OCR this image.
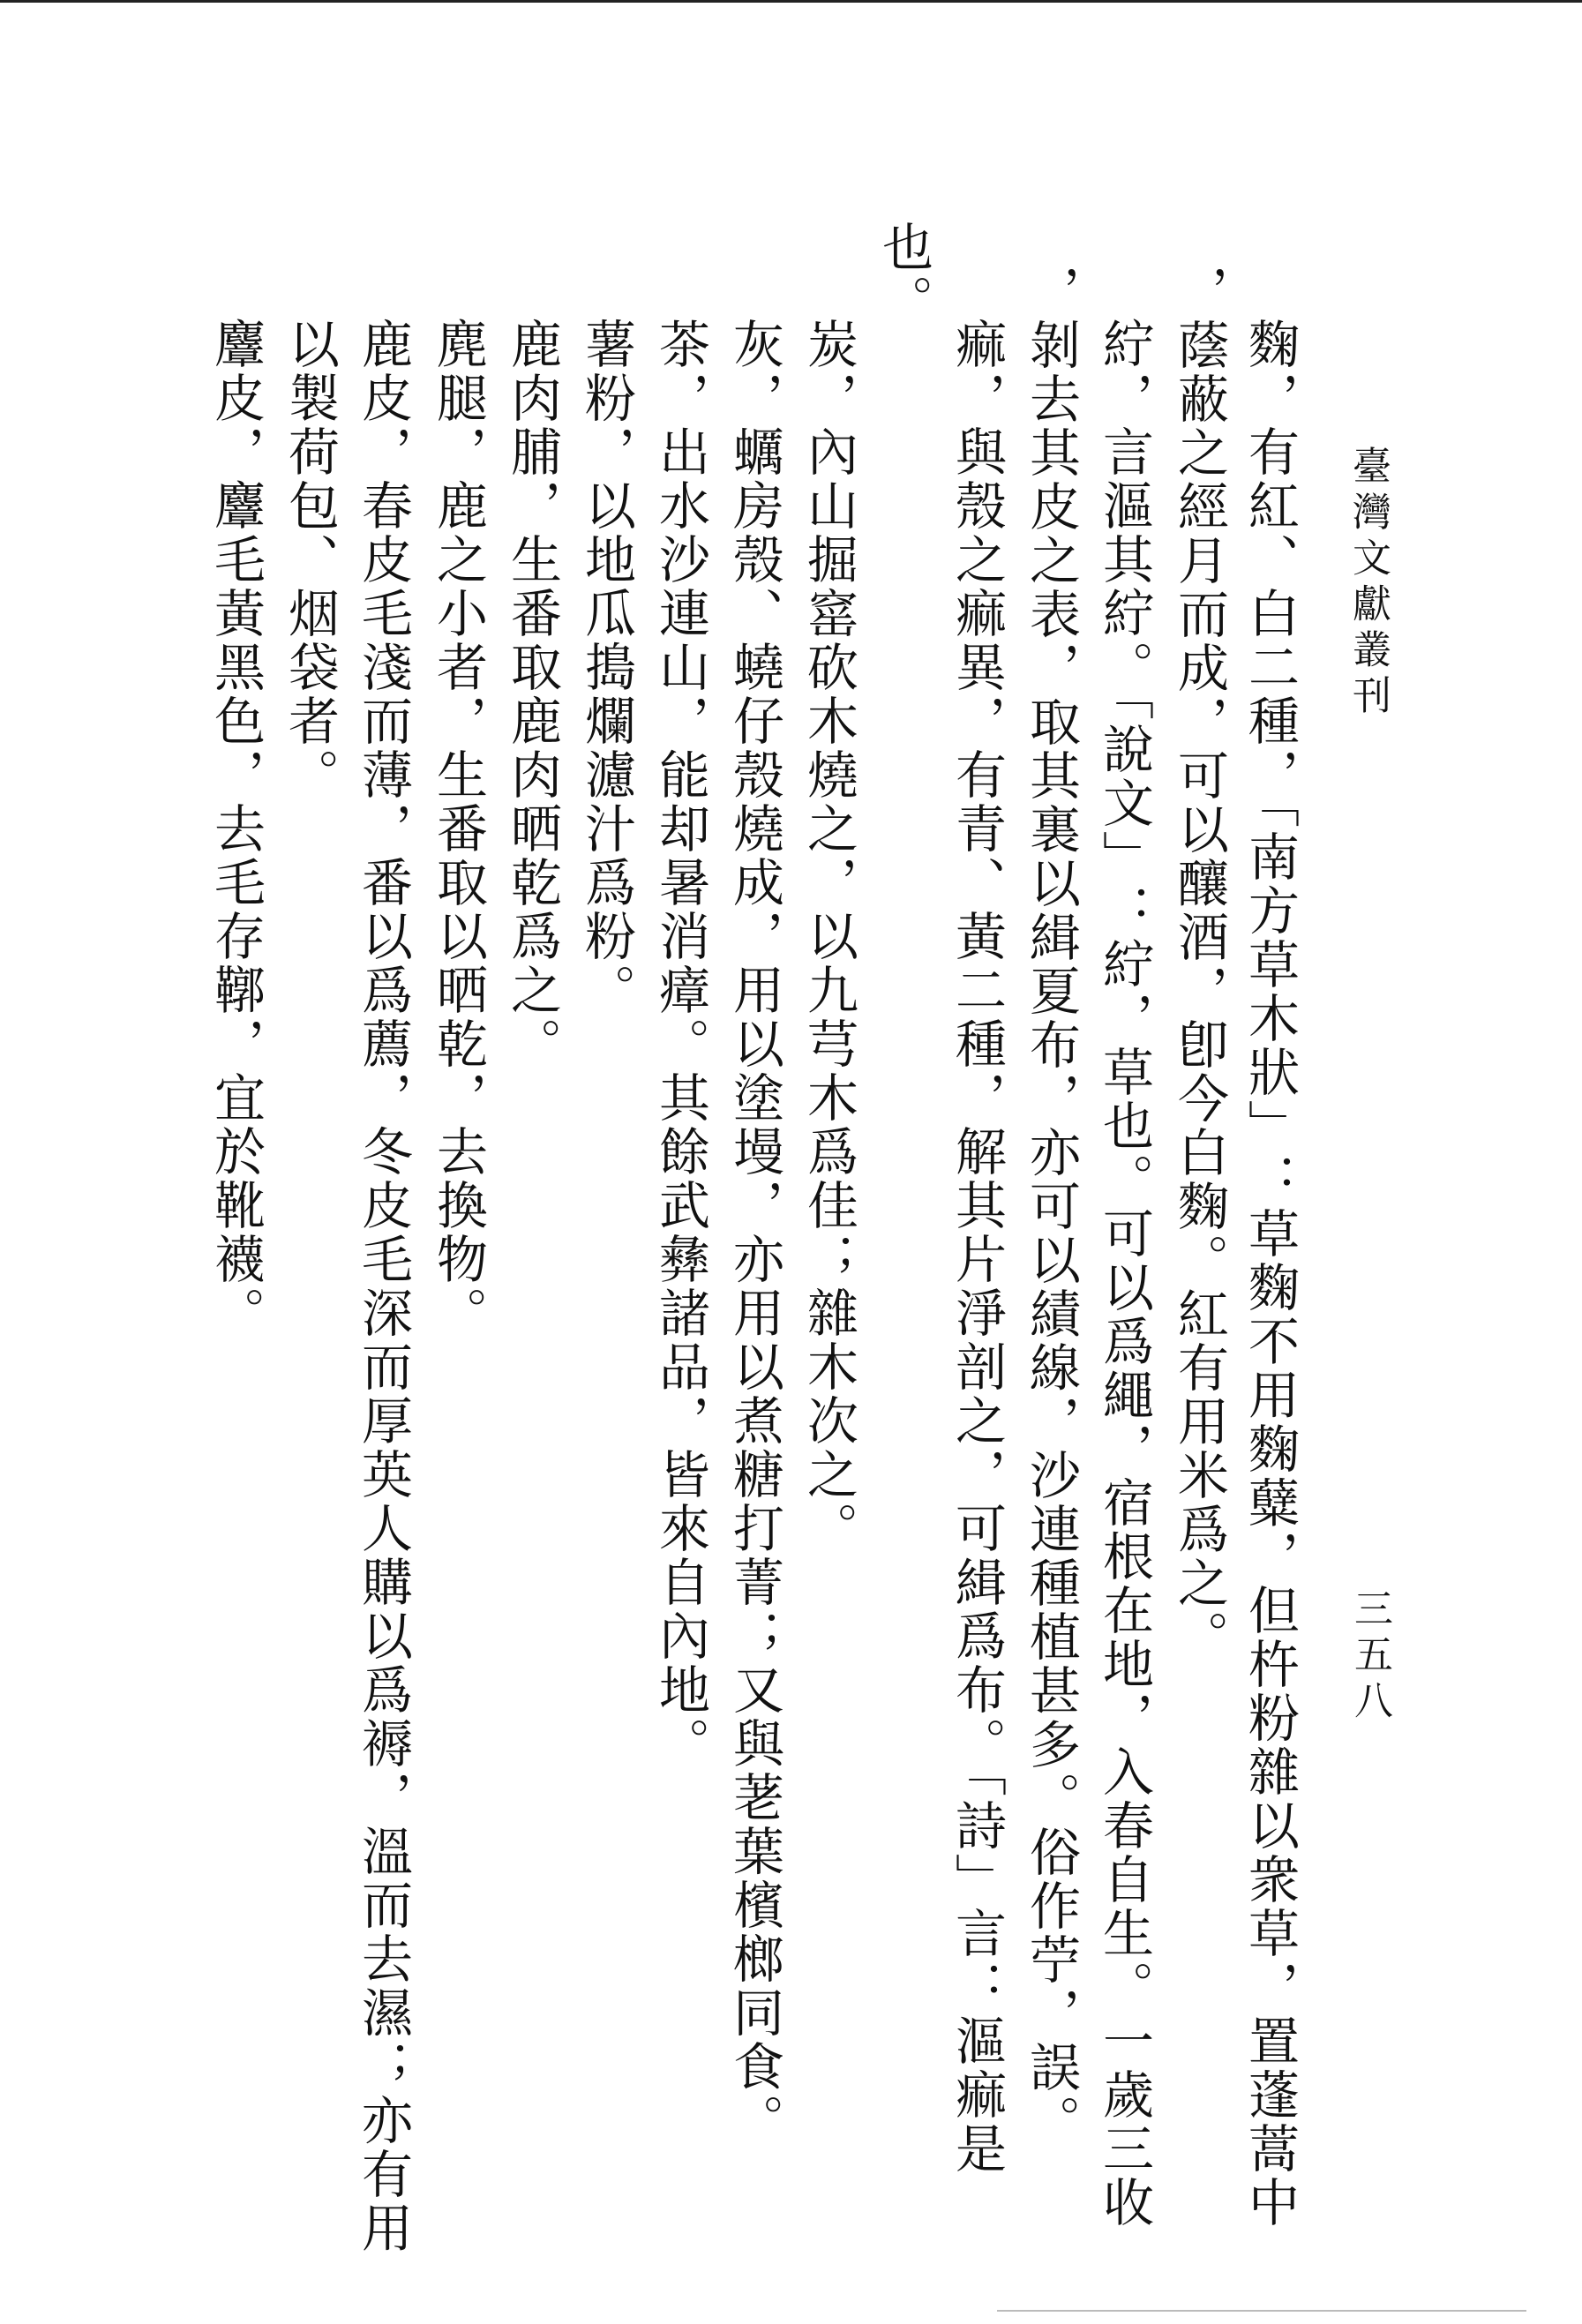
臺灣文獻叢刊
三五八
麴，有紅、白二種，「南方草木狀」：草麴不用麴糵，但杵粉雜以衆草，置蓬蒿中
，蔭蔽之經月而成，可以釀酒，卽今白麴。紅有用米爲之。
紵，言漚其紵。「說文」：紵，草也。可以爲繩，宿根在地，入春自生。一歲三收
，剝去其皮之表，取其裏以緝夏布，亦可以績線，沙連種植甚多。俗作苧，誤。
痲，與殼之痲異，有青、黃二種，解其片淨剖之，可緝爲布。「詩」言：漚痲是
也。
炭，內山掘窰砍木燒之，以九芎木爲佳；雜木次之。
灰，蠣房殼、蟯仔殼燒成，用以塗墁，亦用以煮糖打菁；又與荖葉檳榔同食。
茶，出水沙連山，能却暑消瘴。其餘武彝諸品，皆來自內地。
薯粉，以地瓜搗爛濾汁爲粉。
鹿肉脯，生番取鹿肉晒乾爲之。
麂腿，鹿之小者，生番取以晒乾，去換物。
鹿皮，春皮毛淺而薄，番以爲薦，冬皮毛深而厚英人購以爲褥，溫而去濕；亦有用
以製荷包、烟袋者。
麞皮，麞毛黃黑色，去毛存鞹，宜於靴襪。
